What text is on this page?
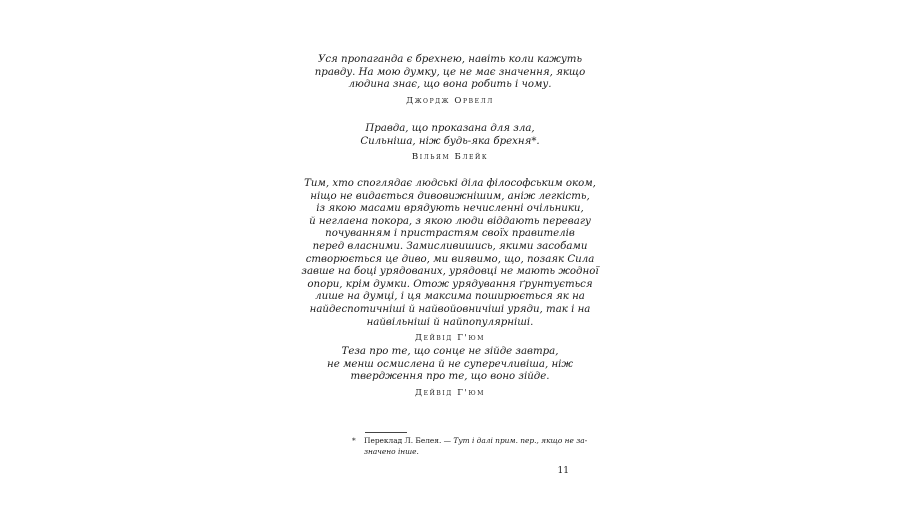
Уся пропаганда є брехнею, навіть коли кажуть
правду. На мою думку, це не має значення, якщо
людина знає, що вона робить і чому.

Джордж Орвелл

Правда, що проказана для зла,
Сильніша, ніж будь-яка брехня*.

Вільям Блейк

Тим, хто споглядає людські діла філософським оком,
ніщо не видається дивовижнішим, аніж легкість,
із якою масами врядують нечисленні очільники,
й неглаена покора, з якою люди віддають перевагу
почуванням і пристрастям своїх правителів
перед власними. Замисливишись, якими засобами
створюється це диво, ми виявимо, що, позаяк Сила
завше на боці урядованих, урядовці не мають жодної
опори, крім думки. Отож урядування ґрунтується
лише на думці, і ця максима поширюється як на
найдеспотичніші й найвойовничіші уряди, так і на
найвільніші й найпопулярніші.

Дейвід Г'юм

Теза про те, що сонце не зійде завтра,
не менш осмислена й не суперечливіша, ніж
твердження про те, що воно зійде.

Дейвід Г'юм
* Переклад Л. Белея. — Тут і далі прим. пер., якщо не за-
значено інше.
11
